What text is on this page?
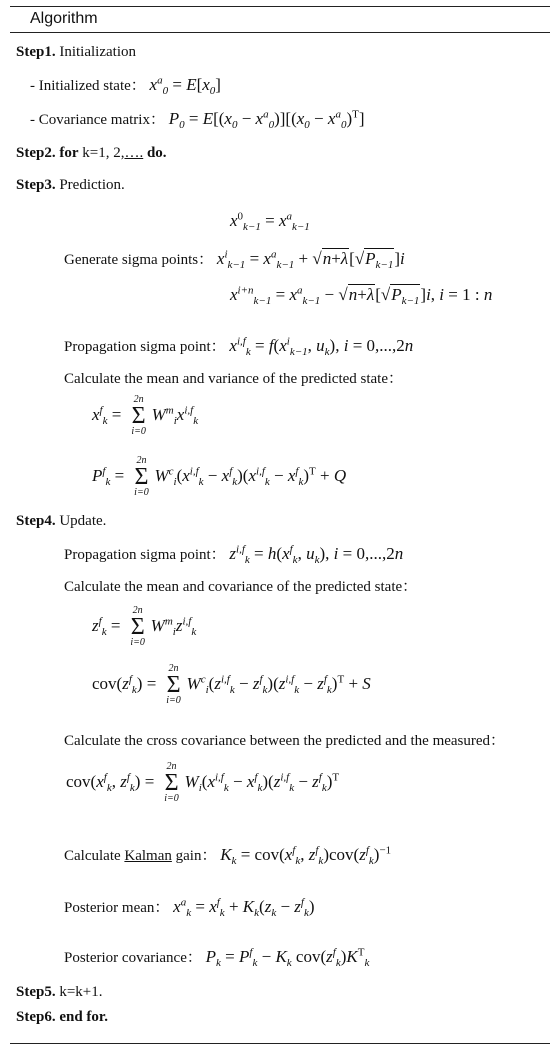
Algorithm
Step1. Initialization
- Initialized state： $x^a_0 = E[x_0]$
- Covariance matrix： $P_0 = E[(x_0 - x^a_0)][(x_0 - x^a_0)^T]$
Step2. for k=1, 2,…. do.
Step3. Prediction.
$x^0_{k-1} = x^a_{k-1}$
Generate sigma points： $x^i_{k-1} = x^a_{k-1} + √n+\lambda[√P_{k-1}]i$
$x^{i+n}_{k-1} = x^a_{k-1} - √n+\lambda[√P_{k-1}]i$, i = 1 : n
Propagation sigma point： $x^{i,f}_k = f(x^i_{k-1}$, $u_k$), i = 0,...,2n
Calculate the mean and variance of the predicted state：
$x^f_k$ =
2n
Σ
i=0
$W^m_ix^{i,f}_k$
$P^f_k$ =
2n
Σ
i=0
$W^c_i(x^{i,f}_k - x^f_k)(x^{i,f}_k - x^f_k)^T + Q$
Step4. Update.
Propagation sigma point： $z^{i,f}_k = h(x^f_k$, $u_k$), i = 0,...,2n
Calculate the mean and covariance of the predicted state：
$z^f_k$ =
2n
Σ
i=0
$W^m_iz^{i,f}_k$
$cov(z^f_k)$ =
2n
Σ
i=0
$W^c_i(z^{i,f}_k - z^f_k)(z^{i,f}_k - z^f_k)^T + S$
Calculate the cross covariance between the predicted and the measured：
$cov(x^f_k$, $z^f_k$) =
2n
Σ
i=0
$W_i(x^{i,f}_k - x^f_k)(z^{i,f}_k - z^f_k)^T$
Calculate Kalman gain： $K_k = cov(x^f_k$, $z^f_k)cov(z^f_k)^{-1}$
Posterior mean： $x^a_k = x^f_k + K_k(z_k - z^f_k)$
Posterior covariance： $P_k = P^f_k - K_k$ $cov(z^f_k)K^T_k$
Step5. k=k+1.
Step6. end for.
